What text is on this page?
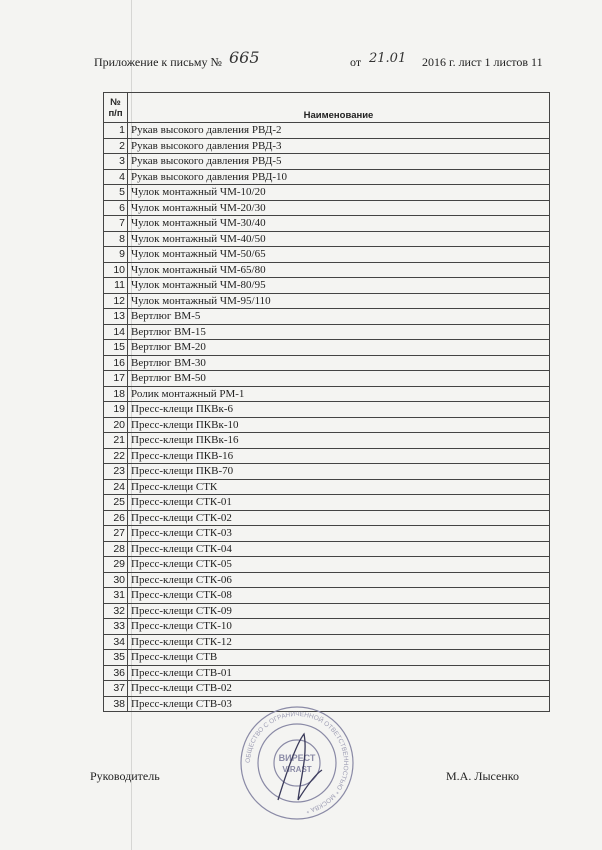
Приложение к письму № 665	от 21.01 2016 г. лист 1 листов 11
№
п/п	Наименование
1	Рукав высокого давления РВД-2
2	Рукав высокого давления РВД-3
3	Рукав высокого давления РВД-5
4	Рукав высокого давления РВД-10
5	Чулок монтажный ЧМ-10/20
6	Чулок монтажный ЧМ-20/30
7	Чулок монтажный ЧМ-30/40
8	Чулок монтажный ЧМ-40/50
9	Чулок монтажный ЧМ-50/65
10	Чулок монтажный ЧМ-65/80
11	Чулок монтажный ЧМ-80/95
12	Чулок монтажный ЧМ-95/110
13	Вертлюг ВМ-5
14	Вертлюг ВМ-15
15	Вертлюг ВМ-20
16	Вертлюг ВМ-30
17	Вертлюг ВМ-50
18	Ролик монтажный РМ-1
19	Пресс-клещи ПКВк-6
20	Пресс-клещи ПКВк-10
21	Пресс-клещи ПКВк-16
22	Пресс-клещи ПКВ-16
23	Пресс-клещи ПКВ-70
24	Пресс-клещи СТК
25	Пресс-клещи СТК-01
26	Пресс-клещи СТК-02
27	Пресс-клещи СТК-03
28	Пресс-клещи СТК-04
29	Пресс-клещи СТК-05
30	Пресс-клещи СТК-06
31	Пресс-клещи СТК-08
32	Пресс-клещи СТК-09
33	Пресс-клещи СТК-10
34	Пресс-клещи СТК-12
35	Пресс-клещи СТВ
36	Пресс-клещи СТВ-01
37	Пресс-клещи СТВ-02
38	Пресс-клещи СТВ-03
Руководитель	М.А. Лысенко
ОБЩЕСТВО С ОГРАНИЧЕННОЙ ОТВЕТСТВЕННОСТЬЮ * МОСКВА *
ВИРЕСТ
VIRAST
